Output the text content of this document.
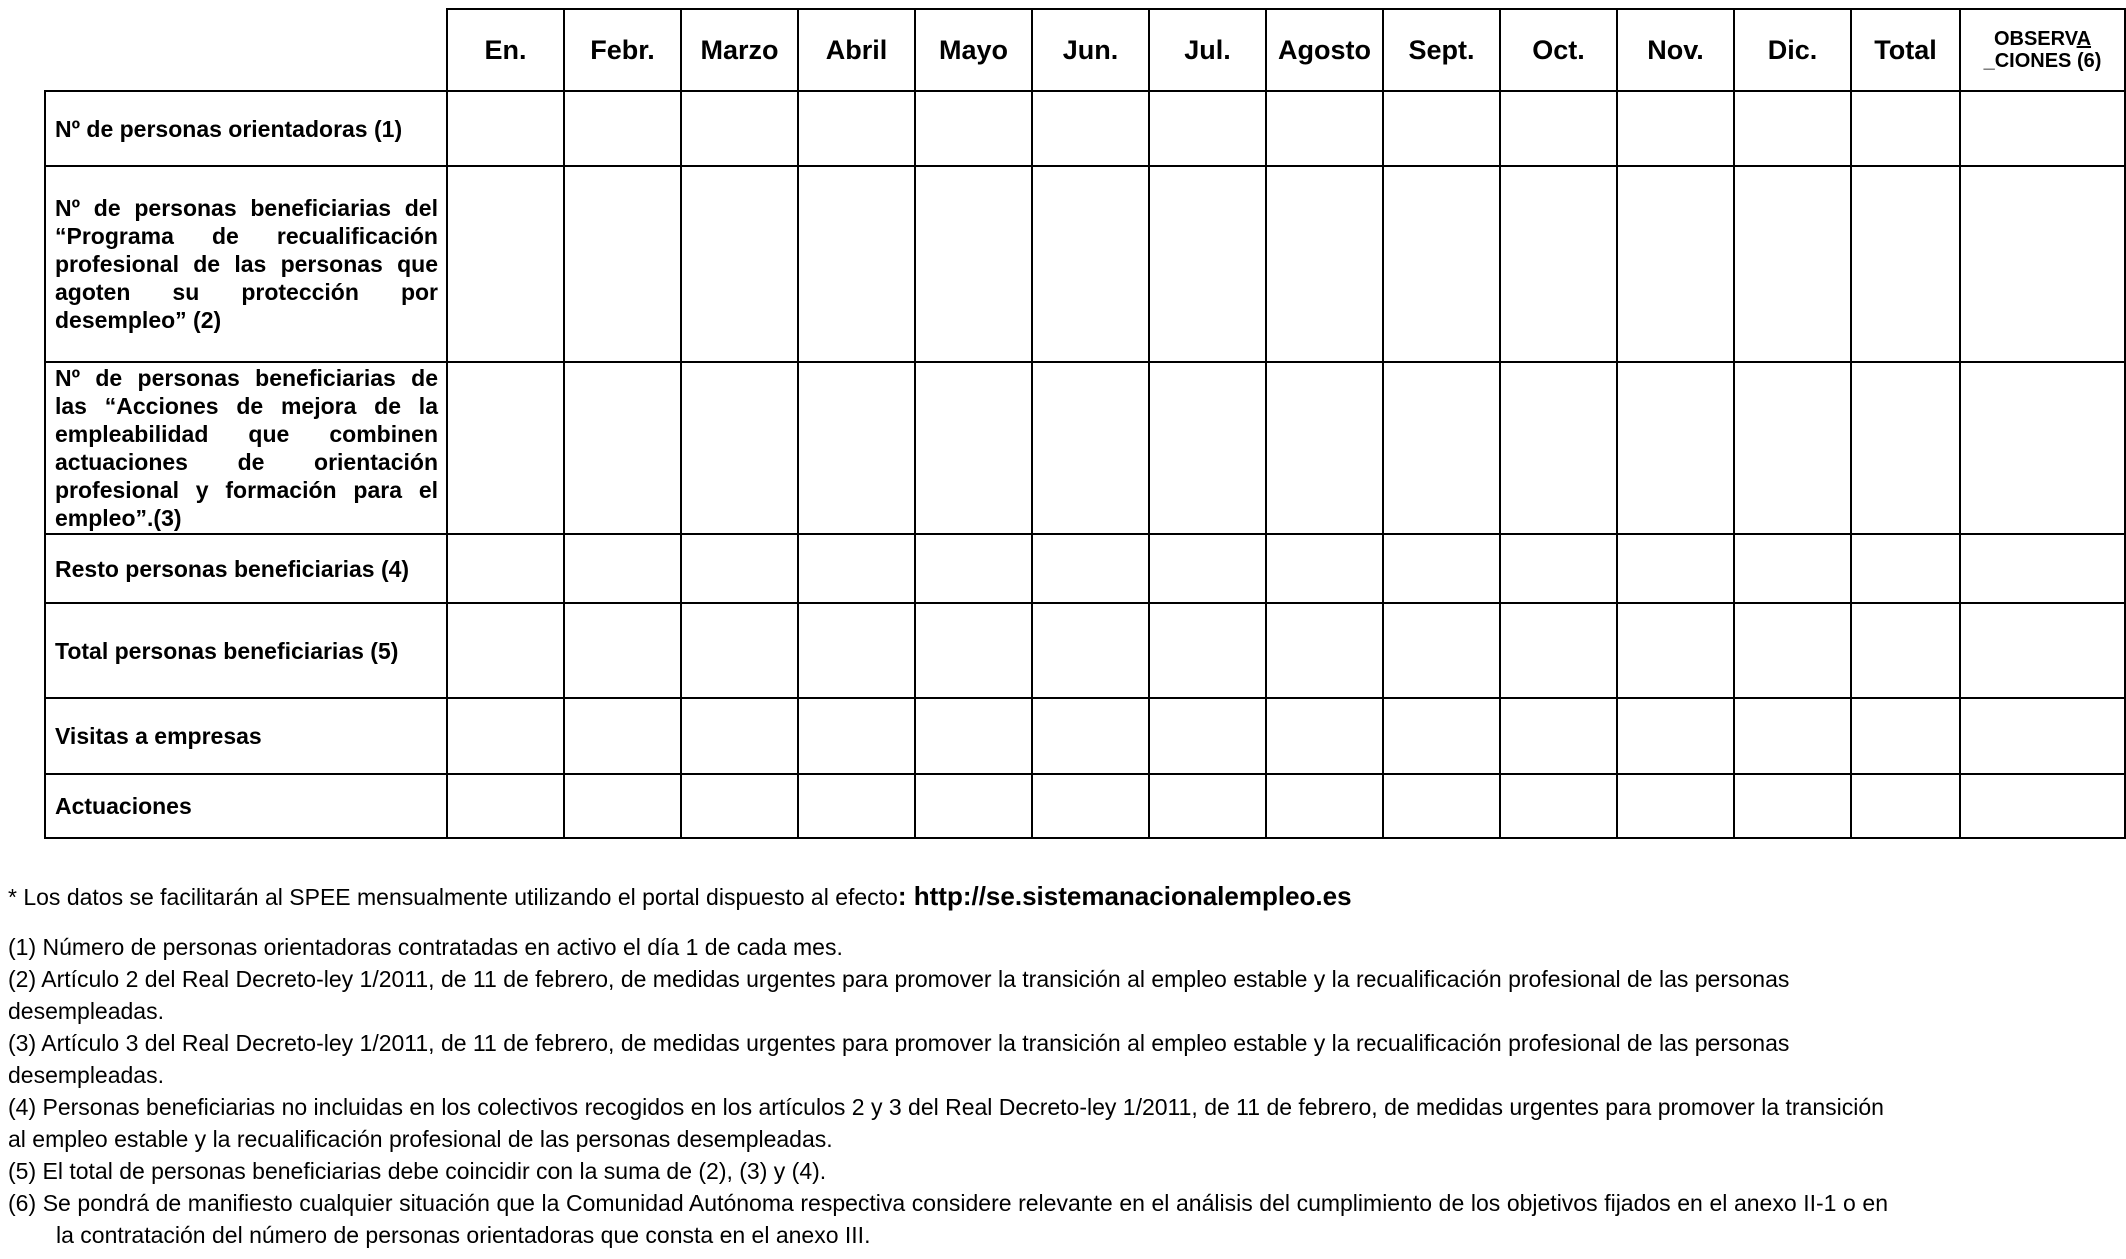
	En.	Febr.	Marzo	Abril	Mayo	Jun.	Jul.	Agosto	Sept.	Oct.	Nov.	Dic.	Total	OBSERVA
_CIONES (6)
Nº de personas orientadoras (1)														
Nº de personas beneficiarias del “Programa de recualificación profesional de las personas que agoten su protección por desempleo” (2)														
Nº de personas beneficiarias de las “Acciones de mejora de la empleabilidad que combinen actuaciones de orientación profesional y formación para el empleo”.(3)														
Resto personas beneficiarias (4)														
Total personas beneficiarias (5)														
Visitas a empresas														
Actuaciones														

* Los datos se facilitarán al SPEE mensualmente utilizando el portal dispuesto al efecto: http://se.sistemanacionalempleo.es

(1) Número de personas orientadoras contratadas en activo el día 1 de cada mes.

(2) Artículo 2 del Real Decreto-ley 1/2011, de 11 de febrero, de medidas urgentes para promover la transición al empleo estable y la recualificación profesional de las personas desempleadas.

(3) Artículo 3 del Real Decreto-ley 1/2011, de 11 de febrero, de medidas urgentes para promover la transición al empleo estable y la recualificación profesional de las personas desempleadas.

(4) Personas beneficiarias no incluidas en los colectivos recogidos en los artículos 2 y 3 del Real Decreto-ley 1/2011, de 11 de febrero, de medidas urgentes para promover la transición al empleo estable y la recualificación profesional de las personas desempleadas.

(5) El total de personas beneficiarias debe coincidir con la suma de (2), (3) y (4).

(6) Se pondrá de manifiesto cualquier situación que la Comunidad Autónoma respectiva considere relevante en el análisis del cumplimiento de los objetivos fijados en el anexo II-1 o en la contratación del número de personas orientadoras que consta en el anexo III.
